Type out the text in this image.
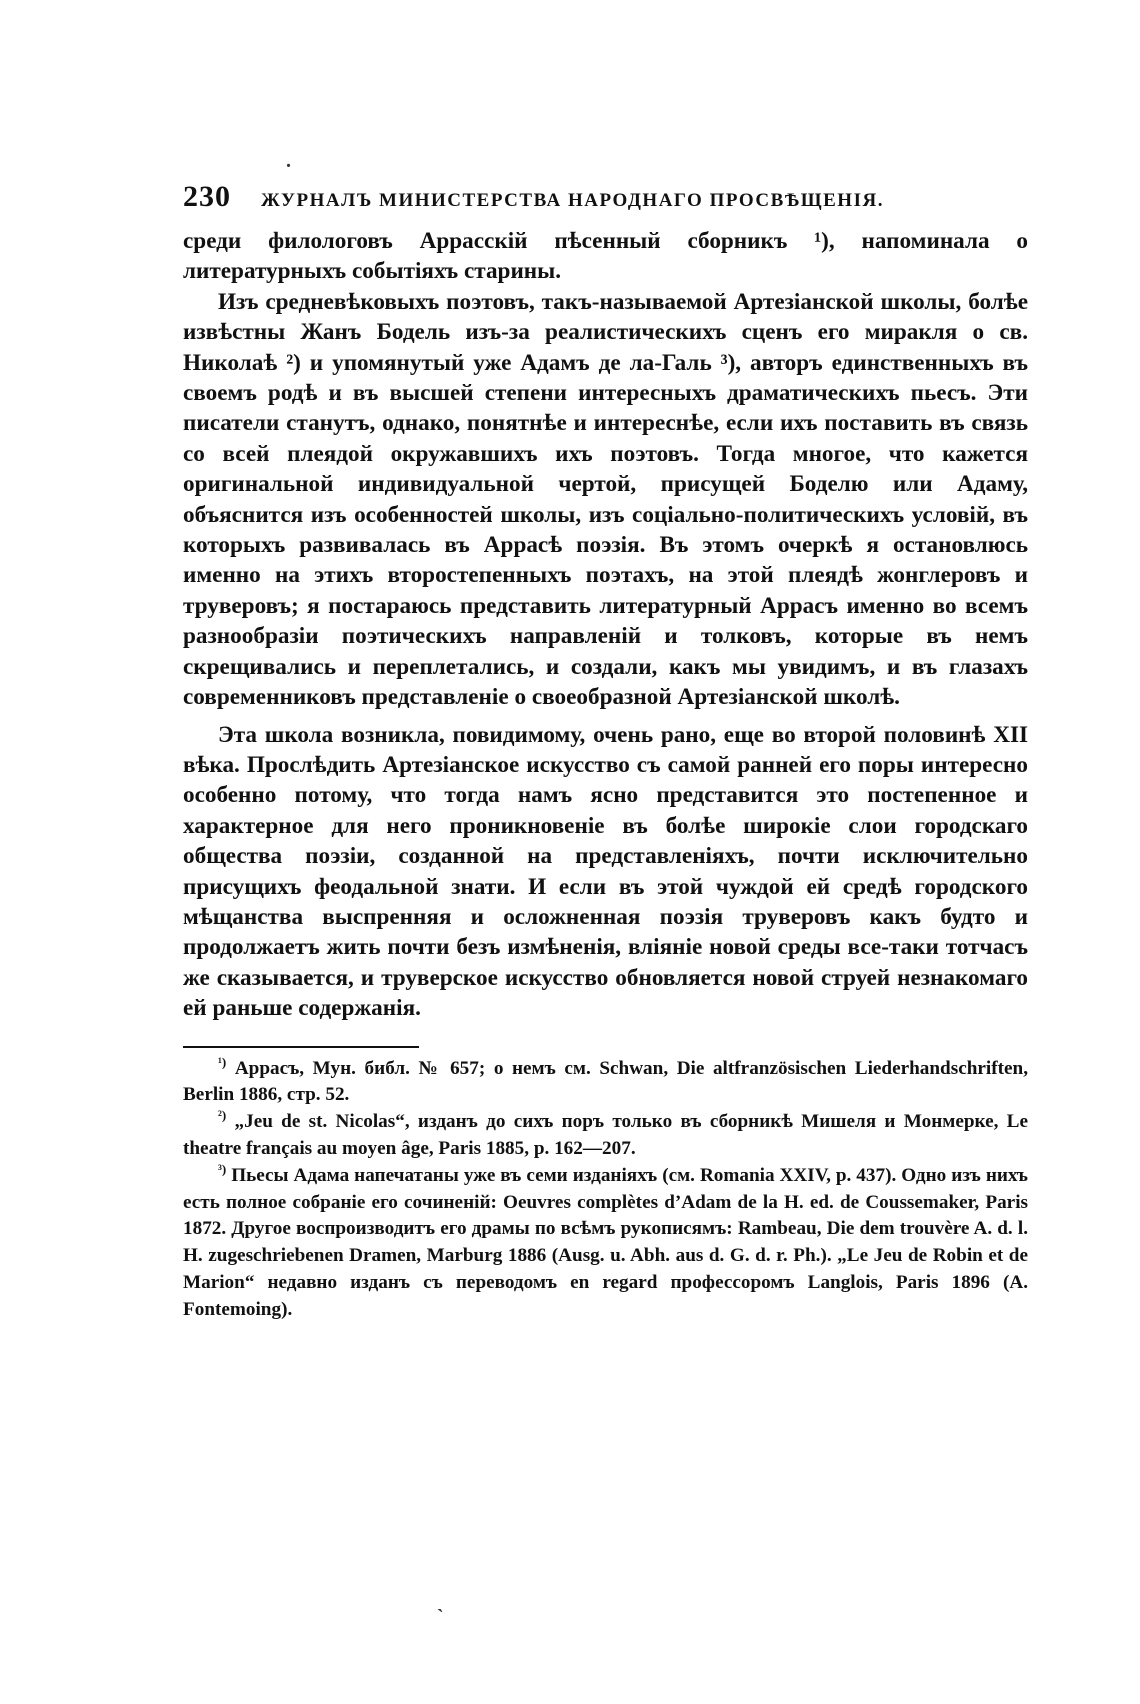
230	ЖУРНАЛЪ МИНИСТЕРСТВА НАРОДНАГО ПРОСВѢЩЕНІЯ.

среди филологовъ Аррасскій пѣсенный сборникъ ¹), напоминала о литературныхъ событіяхъ старины.

Изъ средневѣковыхъ поэтовъ, такъ-называемой Артезіанской школы, болѣе извѣстны Жанъ Бодель изъ-за реалистическихъ сценъ его миракля о св. Николаѣ ²) и упомянутый уже Адамъ де ла-Галь ³), авторъ единственныхъ въ своемъ родѣ и въ высшей степени интересныхъ драматическихъ пьесъ. Эти писатели станутъ, однако, понятнѣе и интереснѣе, если ихъ поставить въ связь со всей плеядой окружавшихъ ихъ поэтовъ. Тогда многое, что кажется оригинальной индивидуальной чертой, присущей Боделю или Адаму, объяснится изъ особенностей школы, изъ соціально-политическихъ условій, въ которыхъ развивалась въ Аррасѣ поэзія. Въ этомъ очеркѣ я остановлюсь именно на этихъ второстепенныхъ поэтахъ, на этой плеядѣ жонглеровъ и труверовъ; я постараюсь представить литературный Аррасъ именно во всемъ разнообразіи поэтическихъ направленій и толковъ, которые въ немъ скрещивались и переплетались, и создали, какъ мы увидимъ, и въ глазахъ современниковъ представленіе о своеобразной Артезіанской школѣ.

Эта школа возникла, повидимому, очень рано, еще во второй половинѣ XII вѣка. Прослѣдить Артезіанское искусство съ самой ранней его поры интересно особенно потому, что тогда намъ ясно представится это постепенное и характерное для него проникновеніе въ болѣе широкіе слои городскаго общества поэзіи, созданной на представленіяхъ, почти исключительно присущихъ феодальной знати. И если въ этой чуждой ей средѣ городского мѣщанства выспренняя и осложненная поэзія труверовъ какъ будто и продолжаетъ жить почти безъ измѣненія, вліяніе новой среды все-таки тотчасъ же сказывается, и труверское искусство обновляется новой струей незнакомаго ей раньше содержанія.

$^{^1)}$ Аррасъ, Мун. библ. № 657; о немъ см. Schwan, Die altfranzösischen Liederhandschriften, Berlin 1886, стр. 52.

$^{^2)}$ „Jeu de st. Nicolas“, изданъ до сихъ поръ только въ сборникѣ Мишеля и Монмерке, Le theatre français au moyen âge, Paris 1885, p. 162—207.

$^{^3)}$ Пьесы Адама напечатаны уже въ семи изданіяхъ (см. Romania XXIV, p. 437). Одно изъ нихъ есть полное собраніе его сочиненій: Oeuvres complètes d’Adam de la H. ed. de Coussemaker, Paris 1872. Другое воспроизводитъ его драмы по всѣмъ рукописямъ: Rambeau, Die dem trouvère A. d. l. H. zugeschriebenen Dramen, Marburg 1886 (Ausg. u. Abh. aus d. G. d. r. Ph.). „Le Jeu de Robin et de Marion“ недавно изданъ съ переводомъ en regard профессоромъ Langlois, Paris 1896 (A. Fontemoing).

.
ˋ
